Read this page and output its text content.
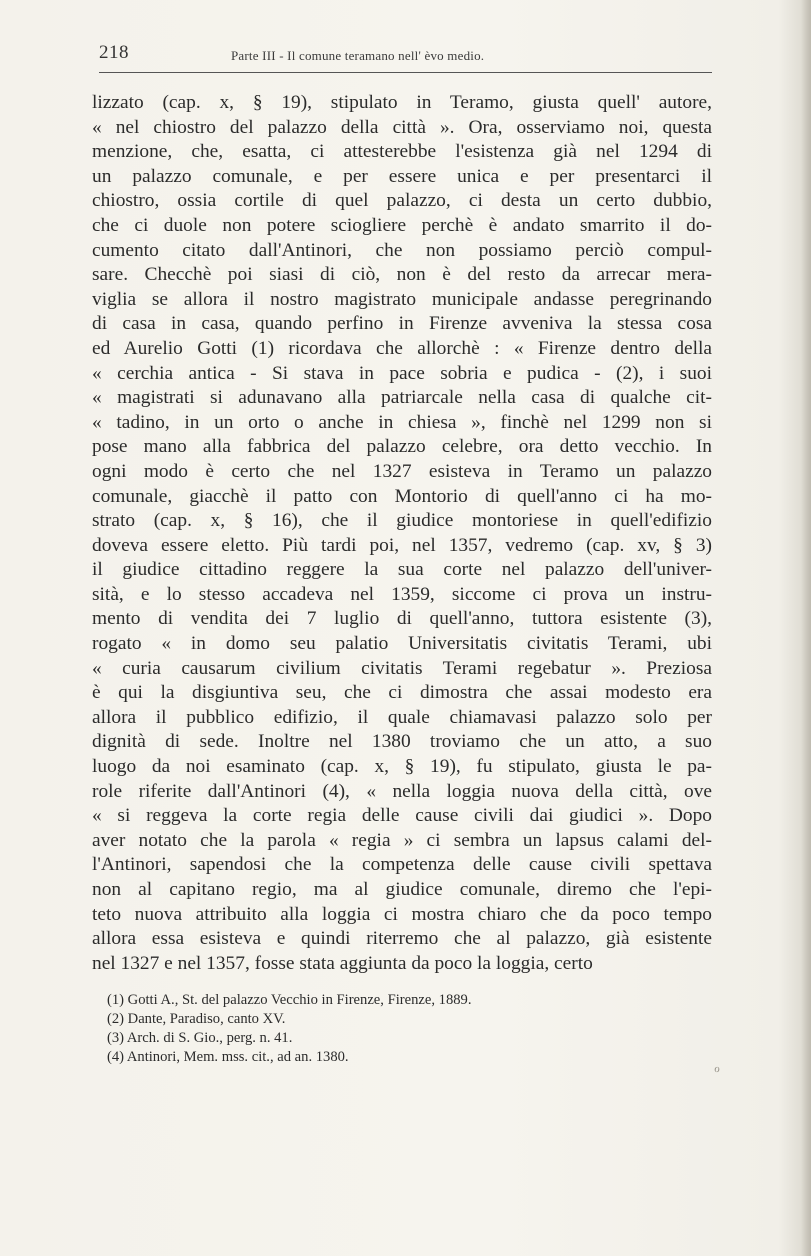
218	Parte III - Il comune teramano nell' èvo medio.
lizzato (cap. x, § 19), stipulato in Teramo, giusta quell' autore,
« nel chiostro del palazzo della città ». Ora, osserviamo noi, questa
menzione, che, esatta, ci attesterebbe l'esistenza già nel 1294 di
un palazzo comunale, e per essere unica e per presentarci il
chiostro, ossia cortile di quel palazzo, ci desta un certo dubbio,
che ci duole non potere sciogliere perchè è andato smarrito il do-
cumento citato dall'Antinori, che non possiamo perciò compul-
sare. Checchè poi siasi di ciò, non è del resto da arrecar mera-
viglia se allora il nostro magistrato municipale andasse peregrinando
di casa in casa, quando perfino in Firenze avveniva la stessa cosa
ed Aurelio Gotti (1) ricordava che allorchè : « Firenze dentro della
« cerchia antica - Si stava in pace sobria e pudica - (2), i suoi
« magistrati si adunavano alla patriarcale nella casa di qualche cit-
« tadino, in un orto o anche in chiesa », finchè nel 1299 non si
pose mano alla fabbrica del palazzo celebre, ora detto vecchio. In
ogni modo è certo che nel 1327 esisteva in Teramo un palazzo
comunale, giacchè il patto con Montorio di quell'anno ci ha mo-
strato (cap. x, § 16), che il giudice montoriese in quell'edifizio
doveva essere eletto. Più tardi poi, nel 1357, vedremo (cap. xv, § 3)
il giudice cittadino reggere la sua corte nel palazzo dell'univer-
sità, e lo stesso accadeva nel 1359, siccome ci prova un instru-
mento di vendita dei 7 luglio di quell'anno, tuttora esistente (3),
rogato « in domo seu palatio Universitatis civitatis Terami, ubi
« curia causarum civilium civitatis Terami regebatur ». Preziosa
è qui la disgiuntiva seu, che ci dimostra che assai modesto era
allora il pubblico edifizio, il quale chiamavasi palazzo solo per
dignità di sede. Inoltre nel 1380 troviamo che un atto, a suo
luogo da noi esaminato (cap. x, § 19), fu stipulato, giusta le pa-
role riferite dall'Antinori (4), « nella loggia nuova della città, ove
« si reggeva la corte regia delle cause civili dai giudici ». Dopo
aver notato che la parola « regia » ci sembra un lapsus calami del-
l'Antinori, sapendosi che la competenza delle cause civili spettava
non al capitano regio, ma al giudice comunale, diremo che l'epi-
teto nuova attribuito alla loggia ci mostra chiaro che da poco tempo
allora essa esisteva e quindi riterremo che al palazzo, già esistente
nel 1327 e nel 1357, fosse stata aggiunta da poco la loggia, certo
(1) Gotti A., St. del palazzo Vecchio in Firenze, Firenze, 1889.
(2) Dante, Paradiso, canto XV.
(3) Arch. di S. Gio., perg. n. 41.
(4) Antinori, Mem. mss. cit., ad an. 1380.
ℴ
